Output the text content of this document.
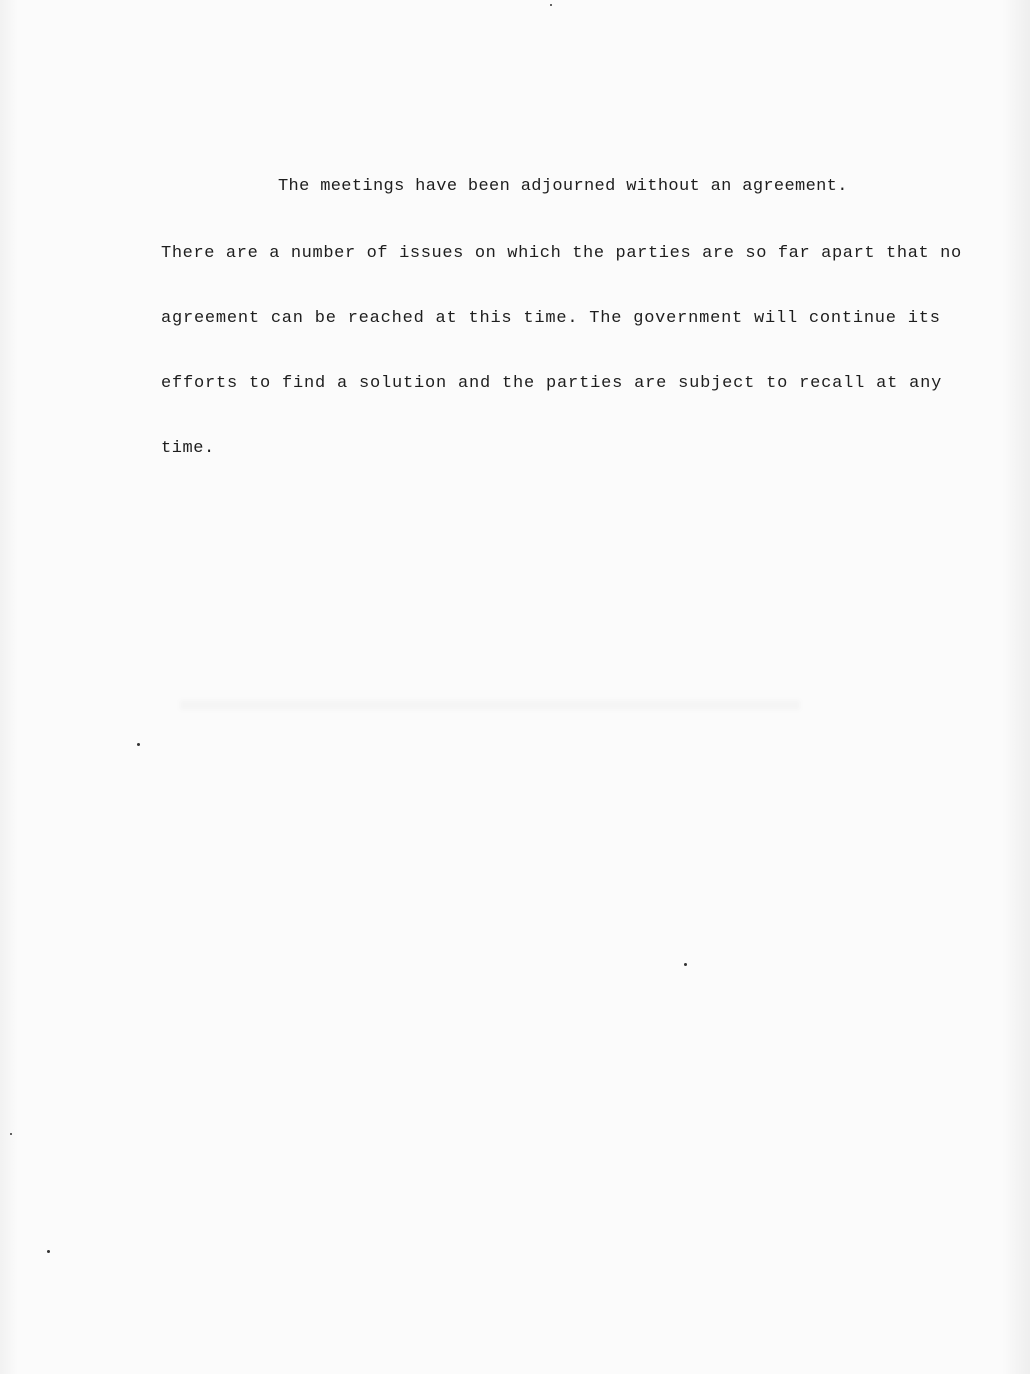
The meetings have been adjourned without an agreement.

There are a number of issues on which the parties are so far apart that no

agreement can be reached at this time. The government will continue its

efforts to find a solution and the parties are subject to recall at any

time.
